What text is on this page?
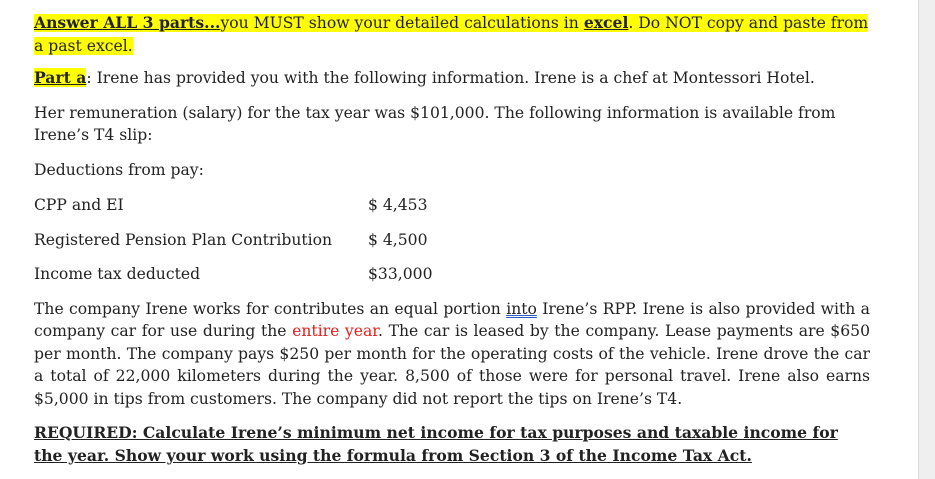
Answer ALL 3 parts...you MUST show your detailed calculations in excel. Do NOT copy and paste from a past excel.

Part a: Irene has provided you with the following information. Irene is a chef at Montessori Hotel.

Her remuneration (salary) for the tax year was $101,000. The following information is available from Irene’s T4 slip:

Deductions from pay:

CPP and EI	$ 4,453
Registered Pension Plan Contribution	$ 4,500
Income tax deducted	$33,000

The company Irene works for contributes an equal portion into Irene’s RPP. Irene is also provided with a company car for use during the entire year. The car is leased by the company. Lease payments are $650 per month. The company pays $250 per month for the operating costs of the vehicle. Irene drove the car a total of 22,000 kilometers during the year. 8,500 of those were for personal travel. Irene also earns $5,000 in tips from customers. The company did not report the tips on Irene’s T4.

REQUIRED: Calculate Irene’s minimum net income for tax purposes and taxable income for the year. Show your work using the formula from Section 3 of the Income Tax Act.
